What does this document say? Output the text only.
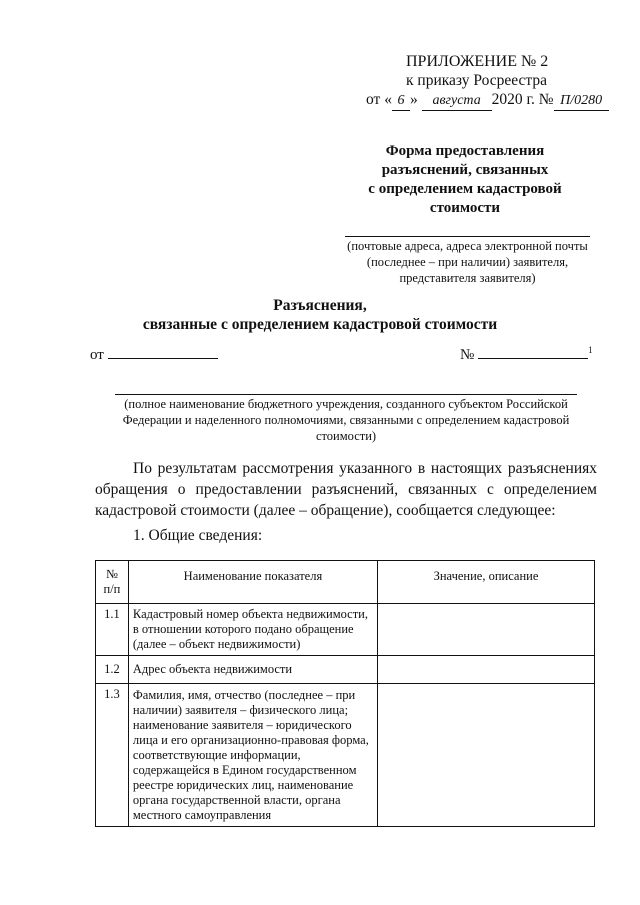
ПРИЛОЖЕНИЕ № 2
к приказу Росреестра
от « 6 » августа 2020 г. № П/0280
Форма предоставления
разъяснений, связанных
с определением кадастровой
стоимости
(почтовые адреса, адреса электронной почты
(последнее – при наличии) заявителя,
представителя заявителя)
Разъяснения,
связанные с определением кадастровой стоимости
от	№	$^1$
(полное наименование бюджетного учреждения, созданного субъектом Российской
Федерации и наделенного полномочиями, связанными с определением кадастровой
стоимости)
По результатам рассмотрения указанного в настоящих разъяснениях обращения о предоставлении разъяснений, связанных с определением кадастровой стоимости (далее – обращение), сообщается следующее:
1. Общие сведения:
№ п/п	Наименование показателя	Значение, описание
1.1	Кадастровый номер объекта недвижимости, в отношении которого подано обращение (далее – объект недвижимости)	
1.2	Адрес объекта недвижимости	
1.3	Фамилия, имя, отчество (последнее – при наличии) заявителя – физического лица; наименование заявителя – юридического лица и его организационно-правовая форма, соответствующие информации, содержащейся в Едином государственном реестре юридических лиц, наименование органа государственной власти, органа местного самоуправления	
